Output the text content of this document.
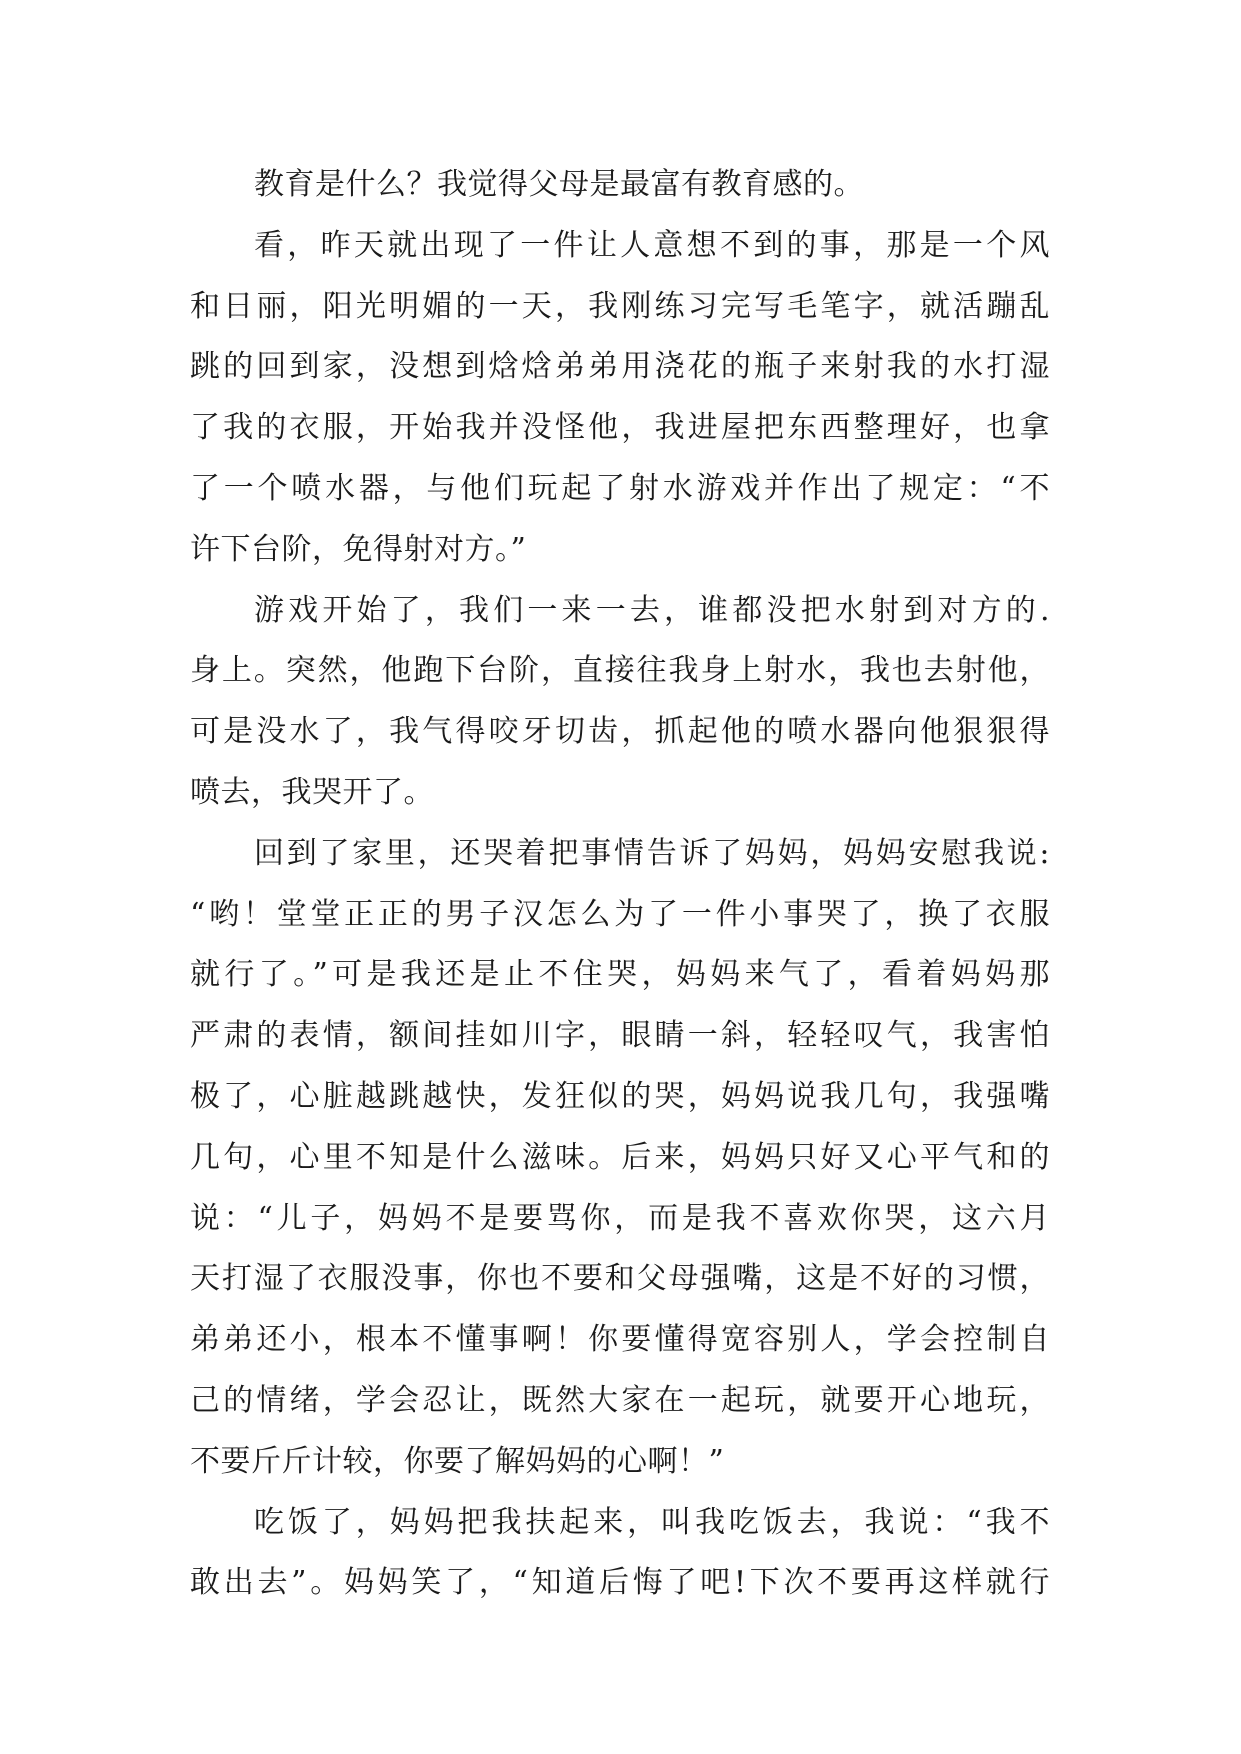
教育是什么？我觉得父母是最富有教育感的。
看，昨天就出现了一件让人意想不到的事，那是一个风
和日丽，阳光明媚的一天，我刚练习完写毛笔字，就活蹦乱
跳的回到家，没想到焓焓弟弟用浇花的瓶子来射我的水打湿
了我的衣服，开始我并没怪他，我进屋把东西整理好，也拿
了一个喷水器，与他们玩起了射水游戏并作出了规定：“不
许下台阶，免得射对方。”
游戏开始了，我们一来一去，谁都没把水射到对方的.
身上。突然，他跑下台阶，直接往我身上射水，我也去射他，
可是没水了，我气得咬牙切齿，抓起他的喷水器向他狠狠得
喷去，我哭开了。
回到了家里，还哭着把事情告诉了妈妈，妈妈安慰我说:
“哟！堂堂正正的男子汉怎么为了一件小事哭了，换了衣服
就行了。”可是我还是止不住哭，妈妈来气了，看着妈妈那
严肃的表情，额间挂如川字，眼睛一斜，轻轻叹气，我害怕
极了，心脏越跳越快，发狂似的哭，妈妈说我几句，我强嘴
几句，心里不知是什么滋味。后来，妈妈只好又心平气和的
说：“儿子，妈妈不是要骂你，而是我不喜欢你哭，这六月
天打湿了衣服没事，你也不要和父母强嘴，这是不好的习惯，
弟弟还小，根本不懂事啊！你要懂得宽容别人，学会控制自
己的情绪，学会忍让，既然大家在一起玩，就要开心地玩，
不要斤斤计较，你要了解妈妈的心啊！”
吃饭了，妈妈把我扶起来，叫我吃饭去，我说：“我不
敢出去”。妈妈笑了，“知道后悔了吧!下次不要再这样就行
